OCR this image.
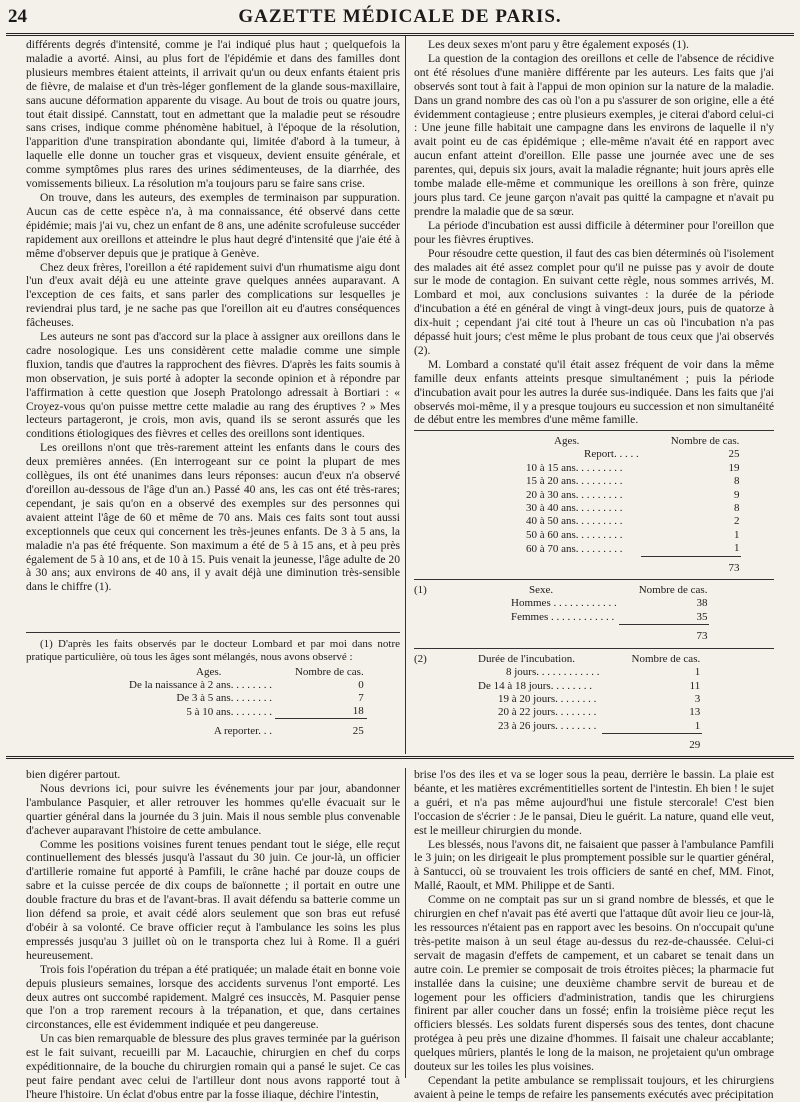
24	GAZETTE MÉDICALE DE PARIS.

différents degrés d'intensité, comme je l'ai indiqué plus haut ; quelquefois la maladie a avorté. Ainsi, au plus fort de l'épidémie et dans des familles dont plusieurs membres étaient atteints, il arrivait qu'un ou deux enfants étaient pris de fièvre, de malaise et d'un très-léger gonflement de la glande sous-maxillaire, sans aucune déformation apparente du visage. Au bout de trois ou quatre jours, tout était dissipé. Cannstatt, tout en admettant que la maladie peut se résoudre sans crises, indique comme phénomène habituel, à l'époque de la résolution, l'apparition d'une transpiration abondante qui, limitée d'abord à la tumeur, à laquelle elle donne un toucher gras et visqueux, devient ensuite générale, et comme symptômes plus rares des urines sédimenteuses, de la diarrhée, des vomissements bilieux. La résolution m'a toujours paru se faire sans crise.

On trouve, dans les auteurs, des exemples de terminaison par suppuration. Aucun cas de cette espèce n'a, à ma connaissance, été observé dans cette épidémie; mais j'ai vu, chez un enfant de 8 ans, une adénite scrofuleuse succéder rapidement aux oreillons et atteindre le plus haut degré d'intensité que j'aie été à même d'observer depuis que je pratique à Genève.

Chez deux frères, l'oreillon a été rapidement suivi d'un rhumatisme aigu dont l'un d'eux avait déjà eu une atteinte grave quelques années auparavant. A l'exception de ces faits, et sans parler des complications sur lesquelles je reviendrai plus tard, je ne sache pas que l'oreillon ait eu d'autres conséquences fâcheuses.

Les auteurs ne sont pas d'accord sur la place à assigner aux oreillons dans le cadre nosologique. Les uns considèrent cette maladie comme une simple fluxion, tandis que d'autres la rapprochent des fièvres. D'après les faits soumis à mon observation, je suis porté à adopter la seconde opinion et à répondre par l'affirmation à cette question que Joseph Pratolongo adressait à Bortiari : « Croyez-vous qu'on puisse mettre cette maladie au rang des éruptives ? » Mes lecteurs partageront, je crois, mon avis, quand ils se seront assurés que les conditions étiologiques des fièvres et celles des oreillons sont identiques.

Les oreillons n'ont que très-rarement atteint les enfants dans le cours des deux premières années. (En interrogeant sur ce point la plupart de mes collègues, ils ont été unanimes dans leurs réponses: aucun d'eux n'a observé d'oreillon au-dessous de l'âge d'un an.) Passé 40 ans, les cas ont été très-rares; cependant, je sais qu'on en a observé des exemples sur des personnes qui avaient atteint l'âge de 60 et même de 70 ans. Mais ces faits sont tout aussi exceptionnels que ceux qui concernent les très-jeunes enfants. De 3 à 5 ans, la maladie n'a pas été fréquente. Son maximum a été de 5 à 15 ans, et à peu près également de 5 à 10 ans, et de 10 à 15. Puis venait la jeunesse, l'âge adulte de 20 à 30 ans; aux environs de 40 ans, il y avait déjà une diminution très-sensible dans le chiffre (1).

(1) D'après les faits observés par le docteur Lombard et par moi dans notre pratique particulière, où tous les âges sont mélangés, nous avons observé :

Ages.	Nombre de cas.
De la naissance à 2 ans. . . . . . . .	0
De 3 à 5 ans. . . . . . . .	7
5 à 10 ans. . . . . . . .	18
A reporter. . .	25

Les deux sexes m'ont paru y être également exposés (1).

La question de la contagion des oreillons et celle de l'absence de récidive ont été résolues d'une manière différente par les auteurs. Les faits que j'ai observés sont tout à fait à l'appui de mon opinion sur la nature de la maladie. Dans un grand nombre des cas où l'on a pu s'assurer de son origine, elle a été évidemment contagieuse ; entre plusieurs exemples, je citerai d'abord celui-ci : Une jeune fille habitait une campagne dans les environs de laquelle il n'y avait point eu de cas épidémique ; elle-même n'avait été en rapport avec aucun enfant atteint d'oreillon. Elle passe une journée avec une de ses parentes, qui, depuis six jours, avait la maladie régnante; huit jours après elle tombe malade elle-même et communique les oreillons à son frère, quinze jours plus tard. Ce jeune garçon n'avait pas quitté la campagne et n'avait pu prendre la maladie que de sa sœur.

La période d'incubation est aussi difficile à déterminer pour l'oreillon que pour les fièvres éruptives.

Pour résoudre cette question, il faut des cas bien déterminés où l'isolement des malades ait été assez complet pour qu'il ne puisse pas y avoir de doute sur le mode de contagion. En suivant cette règle, nous sommes arrivés, M. Lombard et moi, aux conclusions suivantes : la durée de la période d'incubation a été en général de vingt à vingt-deux jours, puis de quatorze à dix-huit ; cependant j'ai cité tout à l'heure un cas où l'incubation n'a pas dépassé huit jours; c'est même le plus probant de tous ceux que j'ai observés (2).

M. Lombard a constaté qu'il était assez fréquent de voir dans la même famille deux enfants atteints presque simultanément ; puis la période d'incubation avait pour les autres la durée sus-indiquée. Dans les faits que j'ai observés moi-même, il y a presque toujours eu succession et non simultanéité de début entre les membres d'une même famille.

Ages.	Nombre de cas.
Report. . . . .	25
10 à 15 ans. . . . . . . . .	19
15 à 20 ans. . . . . . . . .	8
20 à 30 ans. . . . . . . . .	9
30 à 40 ans. . . . . . . . .	8
40 à 50 ans. . . . . . . . .	2
50 à 60 ans. . . . . . . . .	1
60 à 70 ans. . . . . . . . .	1
	73
(1)	Sexe.	Nombre de cas.
Hommes . . . . . . . . . . . .	38
Femmes . . . . . . . . . . . .	35
	73
(2)	Durée de l'incubation.	Nombre de cas.
8 jours. . . . . . . . . . . .	1
De 14 à 18 jours. . . . . . . .	11
19 à 20 jours. . . . . . . .	3
20 à 22 jours. . . . . . . .	13
23 à 26 jours. . . . . . . .	1
	29

bien digérer partout.

Nous devrions ici, pour suivre les événements jour par jour, abandonner l'ambulance Pasquier, et aller retrouver les hommes qu'elle évacuait sur le quartier général dans la journée du 3 juin. Mais il nous semble plus convenable d'achever auparavant l'histoire de cette ambulance.

Comme les positions voisines furent tenues pendant tout le siége, elle reçut continuellement des blessés jusqu'à l'assaut du 30 juin. Ce jour-là, un officier d'artillerie romaine fut apporté à Pamfili, le crâne haché par douze coups de sabre et la cuisse percée de dix coups de baïonnette ; il portait en outre une double fracture du bras et de l'avant-bras. Il avait défendu sa batterie comme un lion défend sa proie, et avait cédé alors seulement que son bras eut refusé d'obéir à sa volonté. Ce brave officier reçut à l'ambulance les soins les plus empressés jusqu'au 3 juillet où on le transporta chez lui à Rome. Il a guéri heureusement.

Trois fois l'opération du trépan a été pratiquée; un malade était en bonne voie depuis plusieurs semaines, lorsque des accidents survenus l'ont emporté. Les deux autres ont succombé rapidement. Malgré ces insuccès, M. Pasquier pense que l'on a trop rarement recours à la trépanation, et que, dans certaines circonstances, elle est évidemment indiquée et peu dangereuse.

Un cas bien remarquable de blessure des plus graves terminée par la guérison est le fait suivant, recueilli par M. Lacauchie, chirurgien en chef du corps expéditionnaire, de la bouche du chirurgien romain qui a pansé le sujet. Ce cas peut faire pendant avec celui de l'artilleur dont nous avons rapporté tout à l'heure l'histoire. Un éclat d'obus entre par la fosse iliaque, déchire l'intestin,

brise l'os des iles et va se loger sous la peau, derrière le bassin. La plaie est béante, et les matières excrémentitielles sortent de l'intestin. Eh bien ! le sujet a guéri, et n'a pas même aujourd'hui une fistule stercorale! C'est bien l'occasion de s'écrier : Je le pansai, Dieu le guérit. La nature, quand elle veut, est le meilleur chirurgien du monde.

Les blessés, nous l'avons dit, ne faisaient que passer à l'ambulance Pamfili le 3 juin; on les dirigeait le plus promptement possible sur le quartier général, à Santucci, où se trouvaient les trois officiers de santé en chef, MM. Finot, Mallé, Raoult, et MM. Philippe et de Santi.

Comme on ne comptait pas sur un si grand nombre de blessés, et que le chirurgien en chef n'avait pas été averti que l'attaque dût avoir lieu ce jour-là, les ressources n'étaient pas en rapport avec les besoins. On n'occupait qu'une très-petite maison à un seul étage au-dessus du rez-de-chaussée. Celui-ci servait de magasin d'effets de campement, et un cabaret se tenait dans un autre coin. Le premier se composait de trois étroites pièces; la pharmacie fut installée dans la cuisine; une deuxième chambre servit de bureau et de logement pour les officiers d'administration, tandis que les chirurgiens finirent par aller coucher dans un fossé; enfin la troisième pièce reçut les officiers blessés. Les soldats furent dispersés sous des tentes, dont chacune protégea à peu près une dizaine d'hommes. Il faisait une chaleur accablante; quelques mûriers, plantés le long de la maison, ne projetaient qu'un ombrage douteux sur les toiles les plus voisines.

Cependant la petite ambulance se remplissait toujours, et les chirurgiens avaient à peine le temps de refaire les pansements exécutés avec précipitation
